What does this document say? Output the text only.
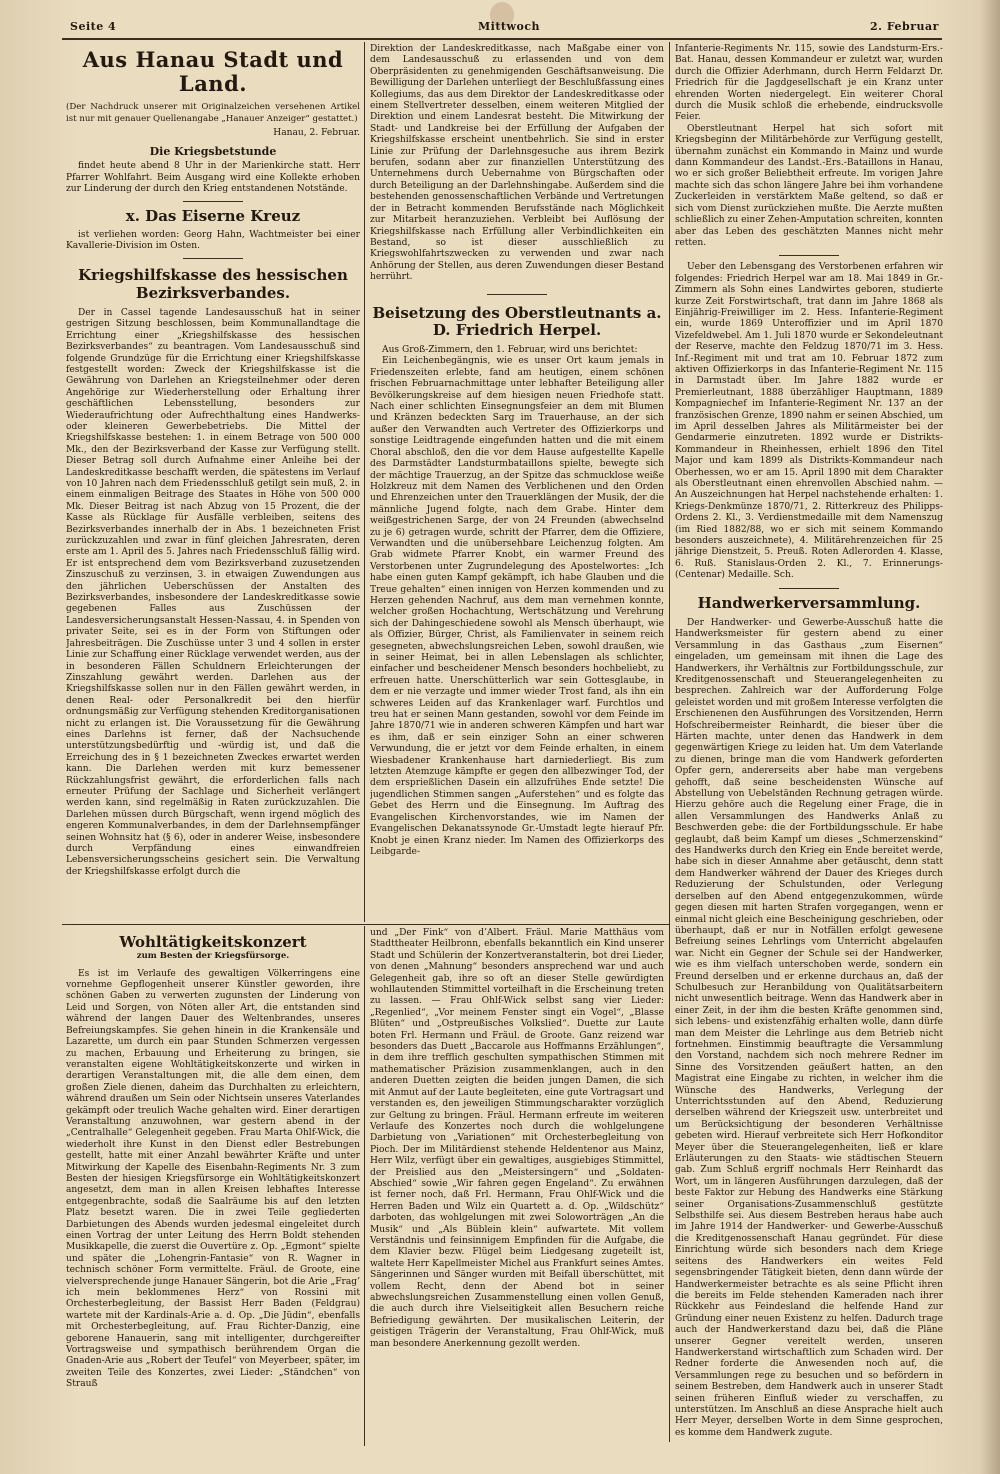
Seite 4	Mittwoch	2. Februar
Aus Hanau Stadt und Land.

(Der Nachdruck unserer mit Originalzeichen versehenen Artikel ist nur mit genauer Quellenangabe „Hanauer Anzeiger“ gestattet.)

Hanau, 2. Februar.

Die Kriegsbetstunde

findet heute abend 8 Uhr in der Marienkirche statt. Herr Pfarrer Wohlfahrt. Beim Ausgang wird eine Kollekte erhoben zur Linderung der durch den Krieg entstandenen Notstände.

x. Das Eiserne Kreuz

ist verliehen worden: Georg Hahn, Wachtmeister bei einer Kavallerie-Division im Osten.

Kriegshilfskasse des hessischen Bezirksverbandes.

Der in Cassel tagende Landesausschuß hat in seiner gestrigen Sitzung beschlossen, beim Kommunallandtage die Errichtung einer „Kriegshilfskasse des hessischen Bezirksverbandes“ zu beantragen. Vom Landesausschuß sind folgende Grundzüge für die Errichtung einer Kriegshilfskasse festgestellt worden: Zweck der Kriegshilfskasse ist die Gewährung von Darlehen an Kriegsteilnehmer oder deren Angehörige zur Wiederherstellung oder Erhaltung ihrer geschäftlichen Lebensstellung, besonders zur Wiederaufrichtung oder Aufrechthaltung eines Handwerks- oder kleineren Gewerbebetriebs. Die Mittel der Kriegshilfskasse bestehen: 1. in einem Betrage von 500 000 Mk., den der Bezirksverband der Kasse zur Verfügung stellt. Dieser Betrag soll durch Aufnahme einer Anleihe bei der Landeskreditkasse beschafft werden, die spätestens im Verlauf von 10 Jahren nach dem Friedensschluß getilgt sein muß, 2. in einem einmaligen Beitrage des Staates in Höhe von 500 000 Mk. Dieser Beitrag ist nach Abzug von 15 Prozent, die der Kasse als Rücklage für Ausfälle verbleiben, seitens des Bezirksverbandes innerhalb der in Abs. 1 bezeichneten Frist zurückzuzahlen und zwar in fünf gleichen Jahresraten, deren erste am 1. April des 5. Jahres nach Friedensschluß fällig wird. Er ist entsprechend dem vom Bezirksverband zuzusetzenden Zinszuschuß zu verzinsen, 3. in etwaigen Zuwendungen aus den jährlichen Ueberschüssen der Anstalten des Bezirksverbandes, insbesondere der Landeskreditkasse sowie gegebenen Falles aus Zuschüssen der Landesversicherungsanstalt Hessen-Nassau, 4. in Spenden von privater Seite, sei es in der Form von Stiftungen oder Jahresbeiträgen. Die Zuschüsse unter 3 und 4 sollen in erster Linie zur Schaffung einer Rücklage verwendet werden, aus der in besonderen Fällen Schuldnern Erleichterungen der Zinszahlung gewährt werden. Darlehen aus der Kriegshilfskasse sollen nur in den Fällen gewährt werden, in denen Real- oder Personalkredit bei den hierfür ordnungsmäßig zur Verfügung stehenden Kreditorganisationen nicht zu erlangen ist. Die Voraussetzung für die Gewährung eines Darlehns ist ferner, daß der Nachsuchende unterstützungsbedürftig und -würdig ist, und daß die Erreichung des in § 1 bezeichneten Zweckes erwartet werden kann. Die Darlehen werden mit kurz bemessener Rückzahlungsfrist gewährt, die erforderlichen falls nach erneuter Prüfung der Sachlage und Sicherheit verlängert werden kann, sind regelmäßig in Raten zurückzuzahlen. Die Darlehen müssen durch Bürgschaft, wenn irgend möglich des engeren Kommunalverbandes, in dem der Darlehnsempfänger seinen Wohnsitz hat (§ 6), oder in anderer Weise, insbesondere durch Verpfändung eines einwandfreien Lebensversicherungsscheins gesichert sein. Die Verwaltung der Kriegshilfskasse erfolgt durch die

Direktion der Landeskreditkasse, nach Maßgabe einer von dem Landesausschuß zu erlassenden und von dem Oberpräsidenten zu genehmigenden Geschäftsanweisung. Die Bewilligung der Darlehen unterliegt der Beschlußfassung eines Kollegiums, das aus dem Direktor der Landeskreditkasse oder einem Stellvertreter desselben, einem weiteren Mitglied der Direktion und einem Landesrat besteht. Die Mitwirkung der Stadt- und Landkreise bei der Erfüllung der Aufgaben der Kriegshilfskasse erscheint unentbehrlich. Sie sind in erster Linie zur Prüfung der Darlehnsgesuche aus ihrem Bezirk berufen, sodann aber zur finanziellen Unterstützung des Unternehmens durch Uebernahme von Bürgschaften oder durch Beteiligung an der Darlehnshingabe. Außerdem sind die bestehenden genossenschaftlichen Verbände und Vertretungen der in Betracht kommenden Berufsstände nach Möglichkeit zur Mitarbeit heranzuziehen. Verbleibt bei Auflösung der Kriegshilfskasse nach Erfüllung aller Verbindlichkeiten ein Bestand, so ist dieser ausschließlich zu Kriegswohlfahrtszwecken zu verwenden und zwar nach Anhörung der Stellen, aus deren Zuwendungen dieser Bestand herrührt.

Beisetzung des Oberstleutnants a. D. Friedrich Herpel.

Aus Groß-Zimmern, den 1. Februar, wird uns berichtet:

Ein Leichenbegängnis, wie es unser Ort kaum jemals in Friedenszeiten erlebte, fand am heutigen, einem schönen frischen Februarnachmittage unter lebhafter Beteiligung aller Bevölkerungskreise auf dem hiesigen neuen Friedhofe statt. Nach einer schlichten Einsegnungsfeier an dem mit Blumen und Kränzen bedeckten Sarg im Trauerhause, an der sich außer den Verwandten auch Vertreter des Offizierkorps und sonstige Leidtragende eingefunden hatten und die mit einem Choral abschloß, den die vor dem Hause aufgestellte Kapelle des Darmstädter Landsturmbataillons spielte, bewegte sich der mächtige Trauerzug, an der Spitze das schmucklose weiße Holzkreuz mit dem Namen des Verblichenen und den Orden und Ehrenzeichen unter den Trauerklängen der Musik, der die männliche Jugend folgte, nach dem Grabe. Hinter dem weißgestrichenen Sarge, der von 24 Freunden (abwechselnd zu je 6) getragen wurde, schritt der Pfarrer, dem die Offiziere, Verwandten und die unübersehbare Leichenzug folgten. Am Grab widmete Pfarrer Knobt, ein warmer Freund des Verstorbenen unter Zugrundelegung des Apostelwortes: „Ich habe einen guten Kampf gekämpft, ich habe Glauben und die Treue gehalten“ einen innigen von Herzen kommenden und zu Herzen gehenden Nachruf, aus dem man vernehmen konnte, welcher großen Hochachtung, Wertschätzung und Verehrung sich der Dahingeschiedene sowohl als Mensch überhaupt, wie als Offizier, Bürger, Christ, als Familienvater in seinem reich gesegneten, abwechslungsreichen Leben, sowohl draußen, wie in seiner Heimat, bei in allen Lebenslagen als schlichter, einfacher und bescheidener Mensch besonders hochbeliebt, zu erfreuen hatte. Unerschütterlich war sein Gottesglaube, in dem er nie verzagte und immer wieder Trost fand, als ihn ein schweres Leiden auf das Krankenlager warf. Furchtlos und treu hat er seinen Mann gestanden, sowohl vor dem Feinde im Jahre 1870/71 wie in anderen schweren Kämpfen und hart war es ihm, daß er sein einziger Sohn an einer schweren Verwundung, die er jetzt vor dem Feinde erhalten, in einem Wiesbadener Krankenhause hart darniederliegt. Bis zum letzten Atemzuge kämpfte er gegen den allbezwinger Tod, der dem ersprießlichen Dasein ein allzufrühes Ende setzte! Die jugendlichen Stimmen sangen „Auferstehen“ und es folgte das Gebet des Herrn und die Einsegnung. Im Auftrag des Evangelischen Kirchenvorstandes, wie im Namen der Evangelischen Dekanatssynode Gr.-Umstadt legte hierauf Pfr. Knobt je einen Kranz nieder. Im Namen des Offizierkorps des Leibgarde-

Infanterie-Regiments Nr. 115, sowie des Landsturm-Ers.-Bat. Hanau, dessen Kommandeur er zuletzt war, wurden durch die Offizier Aderhmann, durch Herrn Feldarzt Dr. Friedrich für die Jagdgesellschaft je ein Kranz unter ehrenden Worten niedergelegt. Ein weiterer Choral durch die Musik schloß die erhebende, eindrucksvolle Feier.

Oberstleutnant Herpel hat sich sofort mit Kriegsbeginn der Militärbehörde zur Verfügung gestellt, übernahm zunächst ein Kommando in Mainz und wurde dann Kommandeur des Landst.-Ers.-Bataillons in Hanau, wo er sich großer Beliebtheit erfreute. Im vorigen Jahre machte sich das schon längere Jahre bei ihm vorhandene Zuckerleiden in verstärktem Maße geltend, so daß er sich vom Dienst zurückziehen mußte. Die Aerzte mußten schließlich zu einer Zehen-Amputation schreiten, konnten aber das Leben des geschätzten Mannes nicht mehr retten.

Ueber den Lebensgang des Verstorbenen erfahren wir folgendes: Friedrich Herpel war am 18. Mai 1849 in Gr.-Zimmern als Sohn eines Landwirtes geboren, studierte kurze Zeit Forstwirtschaft, trat dann im Jahre 1868 als Einjährig-Freiwilliger im 2. Hess. Infanterie-Regiment ein, wurde 1869 Unteroffizier und im April 1870 Vizefeldwebel. Am 1. Juli 1870 wurde er Sekondeleutnant der Reserve, machte den Feldzug 1870/71 im 3. Hess. Inf.-Regiment mit und trat am 10. Februar 1872 zum aktiven Offizierkorps in das Infanterie-Regiment Nr. 115 in Darmstadt über. Im Jahre 1882 wurde er Premierleutnant, 1888 überzähliger Hauptmann, 1889 Kompagniechef im Infanterie-Regiment Nr. 137 an der französischen Grenze, 1890 nahm er seinen Abschied, um im April desselben Jahres als Militärmeister bei der Gendarmerie einzutreten. 1892 wurde er Distrikts-Kommandeur in Rheinhessen, erhielt 1896 den Titel Major und kam 1899 als Distrikts-Kommandeur nach Oberhessen, wo er am 15. April 1890 mit dem Charakter als Oberstleutnant einen ehrenvollen Abschied nahm. — An Auszeichnungen hat Herpel nachstehende erhalten: 1. Kriegs-Denkmünze 1870/71, 2. Ritterkreuz des Philipps-Ordens 2. Kl., 3. Verdienstmedaille mit dem Namenszug (im Ried 1882/88, wo er sich mit seinem Kommando besonders auszeichnete), 4. Militärehrenzeichen für 25 jährige Dienstzeit, 5. Preuß. Roten Adlerorden 4. Klasse, 6. Ruß. Stanislaus-Orden 2. Kl., 7. Erinnerungs- (Centenar) Medaille. Sch.

Handwerkerversammlung.

Der Handwerker- und Gewerbe-Ausschuß hatte die Handwerksmeister für gestern abend zu einer Versammlung in das Gasthaus „zum Eisernen“ eingeladen, um gemeinsam mit ihnen die Lage des Handwerkers, ihr Verhältnis zur Fortbildungsschule, zur Kreditgenossenschaft und Steuerangelegenheiten zu besprechen. Zahlreich war der Aufforderung Folge geleistet worden und mit großem Interesse verfolgten die Erschienenen den Ausführungen des Vorsitzenden, Herrn Hofschreibermeister Reinhardt, die bieser über die Härten machte, unter denen das Handwerk in dem gegenwärtigen Kriege zu leiden hat. Um dem Vaterlande zu dienen, bringe man die vom Handwerk geforderten Opfer gern, andererseits aber habe man vergebens gehofft, daß seine bescheidensten Wünsche auf Abstellung von Uebelständen Rechnung getragen würde. Hierzu gehöre auch die Regelung einer Frage, die in allen Versammlungen des Handwerks Anlaß zu Beschwerden gebe: die der Fortbildungsschule. Er habe geglaubt, daß beim Kampf um dieses „Schmerzenskind“ des Handwerks durch den Krieg ein Ende bereitet werde, habe sich in dieser Annahme aber getäuscht, denn statt dem Handwerker während der Dauer des Krieges durch Reduzierung der Schulstunden, oder Verlegung derselben auf den Abend entgegenzukommen, würde gegen diesen mit harten Strafen vorgegangen, wenn er einmal nicht gleich eine Bescheinigung geschrieben, oder überhaupt, daß er nur in Notfällen erfolgt gewesene Befreiung seines Lehrlings vom Unterricht abgelaufen war. Nicht ein Gegner der Schule sei der Handwerker, wie es ihm vielfach unterschoben werde, sondern ein Freund derselben und er erkenne durchaus an, daß der Schulbesuch zur Heranbildung von Qualitätsarbeitern nicht unwesentlich beitrage. Wenn das Handwerk aber in einer Zeit, in der ihm die besten Kräfte genommen sind, sich lebens- und existenzfähig erhalten wolle, dann dürfe man dem Meister die Lehrlinge aus dem Betrieb nicht fortnehmen. Einstimmig beauftragte die Versammlung den Vorstand, nachdem sich noch mehrere Redner im Sinne des Vorsitzenden geäußert hatten, an den Magistrat eine Eingabe zu richten, in welcher ihm die Wünsche des Handwerks, Verlegung der Unterrichtsstunden auf den Abend, Reduzierung derselben während der Kriegszeit usw. unterbreitet und um Berücksichtigung der besonderen Verhältnisse gebeten wird. Hierauf verbreitete sich Herr Hofkonditor Meyer über die Steuerangelegenheiten, ließ er klare Erläuterungen zu den Staats- wie städtischen Steuern gab. Zum Schluß ergriff nochmals Herr Reinhardt das Wort, um in längeren Ausführungen darzulegen, daß der beste Faktor zur Hebung des Handwerks eine Stärkung seiner Organisations-Zusammenschluß gestützte Selbsthilfe sei. Aus diesem Bestreben heraus habe auch im Jahre 1914 der Handwerker- und Gewerbe-Ausschuß die Kreditgenossenschaft Hanau gegründet. Für diese Einrichtung würde sich besonders nach dem Kriege seitens des Handwerkers ein weites Feld segensbringender Tätigkeit bieten, denn dann würde der Handwerkermeister betrachte es als seine Pflicht ihren die bereits im Felde stehenden Kameraden nach ihrer Rückkehr aus Feindesland die helfende Hand zur Gründung einer neuen Existenz zu helfen. Dadurch trage auch der Handwerkerstand dazu bei, daß die Pläne unserer Gegner vereitelt werden, unseren Handwerkerstand wirtschaftlich zum Schaden wird. Der Redner forderte die Anwesenden noch auf, die Versammlungen rege zu besuchen und so befördern in seinem Bestreben, dem Handwerk auch in unserer Stadt seinen früheren Einfluß wieder zu verschaffen, zu unterstützen. Im Anschluß an diese Ansprache hielt auch Herr Meyer, derselben Worte in dem Sinne gesprochen, es komme dem Handwerk zugute.

Wohltätigkeitskonzert
zum Besten der Kriegsfürsorge.

Es ist im Verlaufe des gewaltigen Völkerringens eine vornehme Gepflogenheit unserer Künstler geworden, ihre schönen Gaben zu verwerten zugunsten der Linderung von Leid und Sorgen, von Nöten aller Art, die entstanden sind während der langen Dauer des Weltenbrandes, unseres Befreiungskampfes. Sie gehen hinein in die Krankensäle und Lazarette, um durch ein paar Stunden Schmerzen vergessen zu machen, Erbauung und Erheiterung zu bringen, sie veranstalten eigene Wohltätigkeitskonzerte und wirken in derartigen Veranstaltungen mit, die alle dem einen, dem großen Ziele dienen, daheim das Durchhalten zu erleichtern, während draußen um Sein oder Nichtsein unseres Vaterlandes gekämpft oder treulich Wache gehalten wird. Einer derartigen Veranstaltung anzuwohnen, war gestern abend in der „Centralhalle“ Gelegenheit gegeben. Frau Marta Ohlf-Wick, die wiederholt ihre Kunst in den Dienst edler Bestrebungen gestellt, hatte mit einer Anzahl bewährter Kräfte und unter Mitwirkung der Kapelle des Eisenbahn-Regiments Nr. 3 zum Besten der hiesigen Kriegsfürsorge ein Wohltätigkeitskonzert angesetzt, dem man in allen Kreisen lebhaftes Interesse entgegenbrachte, sodaß die Saalräume bis auf den letzten Platz besetzt waren. Die in zwei Teile gegliederten Darbietungen des Abends wurden jedesmal eingeleitet durch einen Vortrag der unter Leitung des Herrn Boldt stehenden Musikkapelle, die zuerst die Ouvertüre z. Op. „Egmont“ spielte und später die „Lohengrin-Fantasie“ von R. Wagner in technisch schöner Form vermittelte. Fräul. de Groote, eine vielversprechende junge Hanauer Sängerin, bot die Arie „Frag’ ich mein beklommenes Herz“ von Rossini mit Orchesterbegleitung, der Bassist Herr Baden (Feldgrau) wartete mit der Kardinals-Arie a. d. Op. „Die Jüdin“, ebenfalls mit Orchesterbegleitung, auf. Frau Richter-Danzig, eine geborene Hanauerin, sang mit intelligenter, durchgereifter Vortragsweise und sympathisch berührendem Organ die Gnaden-Arie aus „Robert der Teufel“ von Meyerbeer, später, im zweiten Teile des Konzertes, zwei Lieder: „Ständchen“ von Strauß

und „Der Fink“ von d’Albert. Fräul. Marie Matthäus vom Stadttheater Heilbronn, ebenfalls bekanntlich ein Kind unserer Stadt und Schülerin der Konzertveranstalterin, bot drei Lieder, von denen „Mahnung“ besonders ansprechend war und auch Gelegenheit gab, ihre so oft an dieser Stelle gewürdigten wohllautenden Stimmittel vorteilhaft in die Erscheinung treten zu lassen. — Frau Ohlf-Wick selbst sang vier Lieder: „Regenlied“, „Vor meinem Fenster singt ein Vogel“, „Blasse Blüten“ und „Ostpreußisches Volkslied“. Duette zur Laute boten Frl. Hermann und Fräul. de Groote. Ganz reizend war besonders das Duett „Baccarole aus Hoffmanns Erzählungen“, in dem ihre trefflich geschulten sympathischen Stimmen mit mathematischer Präzision zusammenklangen, auch in den anderen Duetten zeigten die beiden jungen Damen, die sich mit Anmut auf der Laute begleiteten, eine gute Vortragsart und verstanden es, den jeweiligen Stimmungscharakter vorzüglich zur Geltung zu bringen. Fräul. Hermann erfreute im weiteren Verlaufe des Konzertes noch durch die wohlgelungene Darbietung von „Variationen“ mit Orchesterbegleitung von Pioch. Der im Militärdienst stehende Heldentenor aus Mainz, Herr Wilz, verfügt über ein gewaltiges, ausgiebiges Stimmittel, der Preislied aus den „Meistersingern“ und „Soldaten-Abschied“ sowie „Wir fahren gegen Engeland“. Zu erwähnen ist ferner noch, daß Frl. Hermann, Frau Ohlf-Wick und die Herren Baden und Wilz ein Quartett a. d. Op. „Wildschütz“ darboten, das wohlgelungen mit zwei Soloworträgen „An die Musik“ und „Als Büblein klein“ aufwartete. Mit vollem Verständnis und feinsinnigem Empfinden für die Aufgabe, die dem Klavier bezw. Flügel beim Liedgesang zugeteilt ist, waltete Herr Kapellmeister Michel aus Frankfurt seines Amtes. Sängerinnen und Sänger wurden mit Beifall überschüttet, mit vollem Recht, denn der Abend bot in seiner abwechslungsreichen Zusammenstellung einen vollen Genuß, die auch durch ihre Vielseitigkeit allen Besuchern reiche Befriedigung gewährten. Der musikalischen Leiterin, der geistigen Trägerin der Veranstaltung, Frau Ohlf-Wick, muß man besondere Anerkennung gezollt werden.
